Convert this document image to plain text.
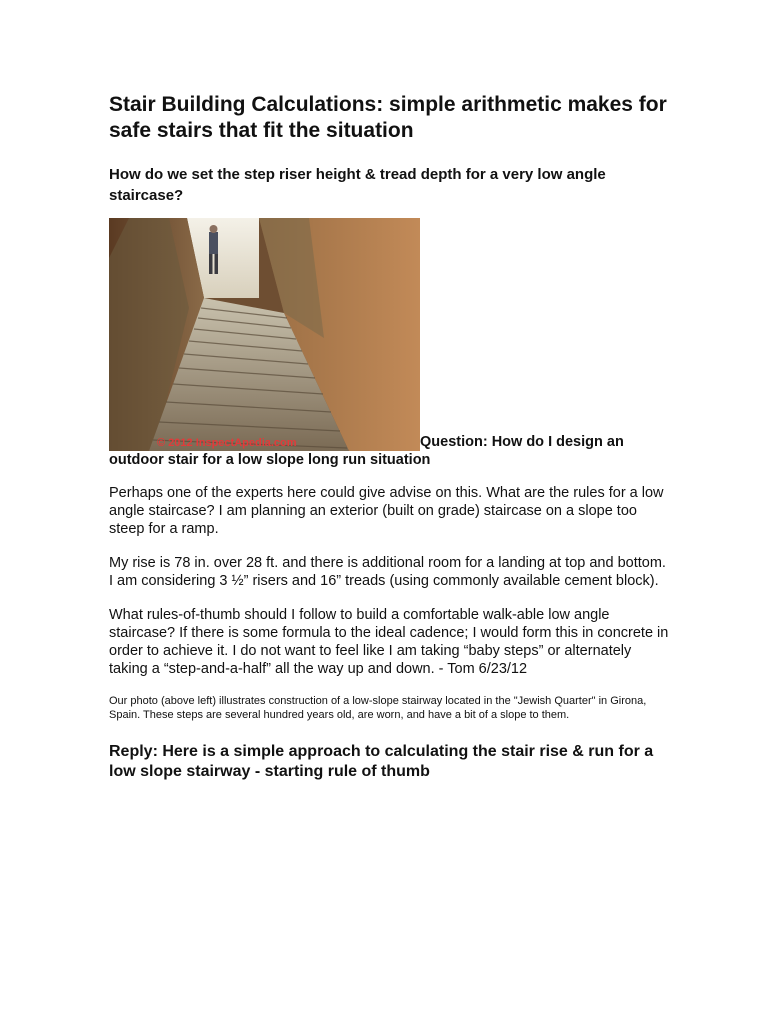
Stair Building Calculations: simple arithmetic makes for safe stairs that fit the situation
How do we set the step riser height & tread depth for a very low angle staircase?
© 2012 InspectApedia.com	Question: How do I design an outdoor stair for a low slope long run situation

Perhaps one of the experts here could give advise on this. What are the rules for a low angle staircase? I am planning an exterior (built on grade) staircase on a slope too steep for a ramp.

My rise is 78 in. over 28 ft. and there is additional room for a landing at top and bottom. I am considering 3 ½” risers and 16” treads (using commonly available cement block).

What rules-of-thumb should I follow to build a comfortable walk-able low angle staircase? If there is some formula to the ideal cadence; I would form this in concrete in order to achieve it. I do not want to feel like I am taking “baby steps” or alternately taking a “step-and-a-half” all the way up and down. - Tom 6/23/12

Our photo (above left) illustrates construction of a low-slope stairway located in the "Jewish Quarter" in Girona, Spain. These steps are several hundred years old, are worn, and have a bit of a slope to them.

Reply: Here is a simple approach to calculating the stair rise & run for a low slope stairway - starting rule of thumb
